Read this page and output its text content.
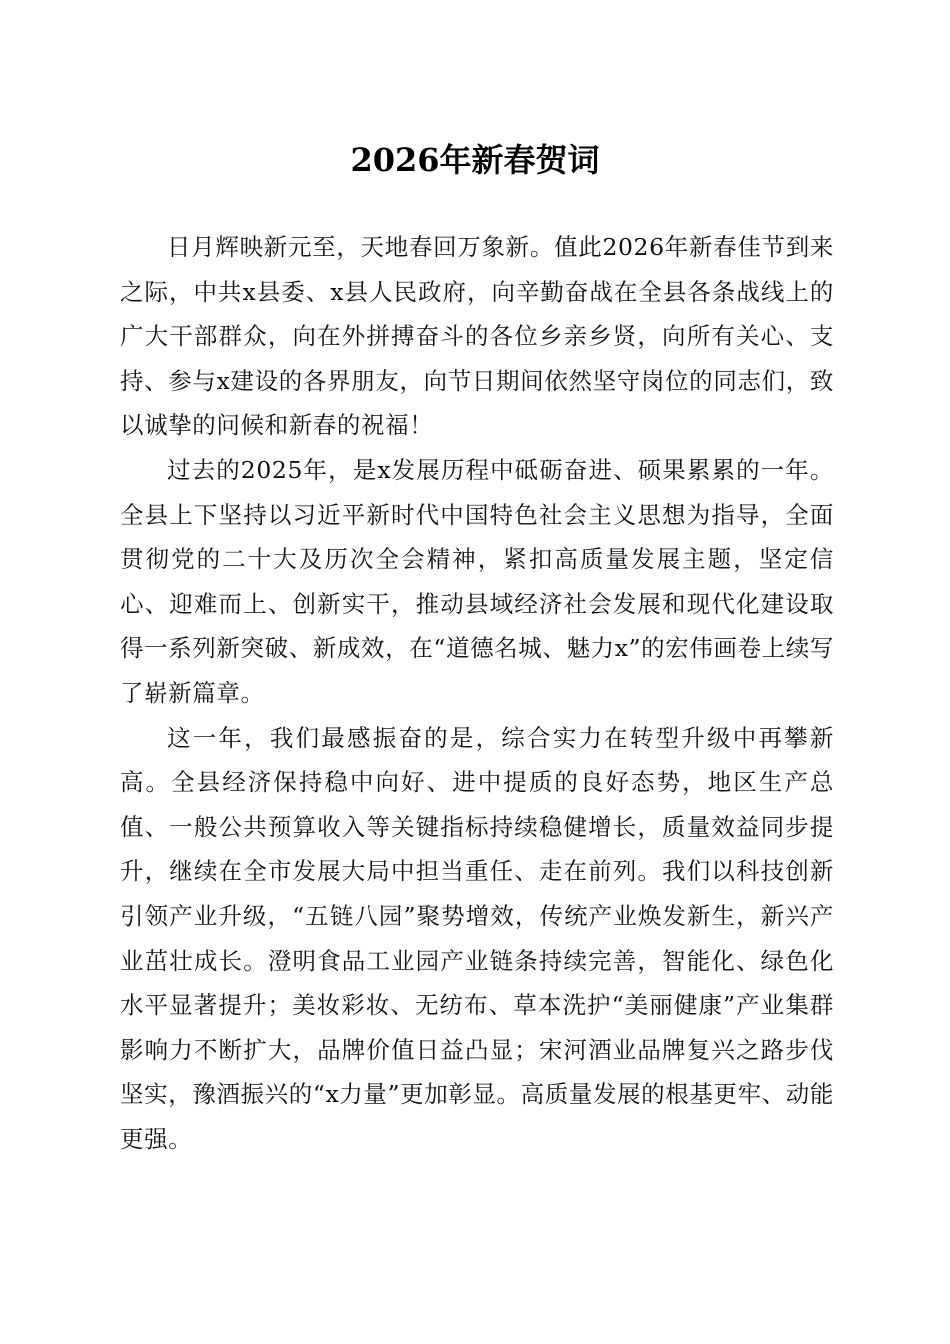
2026年新春贺词

日月辉映新元至，天地春回万象新。值此2026年新春佳节到来之际，中共x县委、x县人民政府，向辛勤奋战在全县各条战线上的广大干部群众，向在外拼搏奋斗的各位乡亲乡贤，向所有关心、支持、参与x建设的各界朋友，向节日期间依然坚守岗位的同志们，致以诚挚的问候和新春的祝福！

过去的2025年，是x发展历程中砥砺奋进、硕果累累的一年。全县上下坚持以习近平新时代中国特色社会主义思想为指导，全面贯彻党的二十大及历次全会精神，紧扣高质量发展主题，坚定信心、迎难而上、创新实干，推动县域经济社会发展和现代化建设取得一系列新突破、新成效，在“道德名城、魅力x”的宏伟画卷上续写了崭新篇章。

这一年，我们最感振奋的是，综合实力在转型升级中再攀新高。全县经济保持稳中向好、进中提质的良好态势，地区生产总值、一般公共预算收入等关键指标持续稳健增长，质量效益同步提升，继续在全市发展大局中担当重任、走在前列。我们以科技创新引领产业升级，“五链八园”聚势增效，传统产业焕发新生，新兴产业茁壮成长。澄明食品工业园产业链条持续完善，智能化、绿色化水平显著提升；美妆彩妆、无纺布、草本洗护“美丽健康”产业集群影响力不断扩大，品牌价值日益凸显；宋河酒业品牌复兴之路步伐坚实，豫酒振兴的“x力量”更加彰显。高质量发展的根基更牢、动能更强。
